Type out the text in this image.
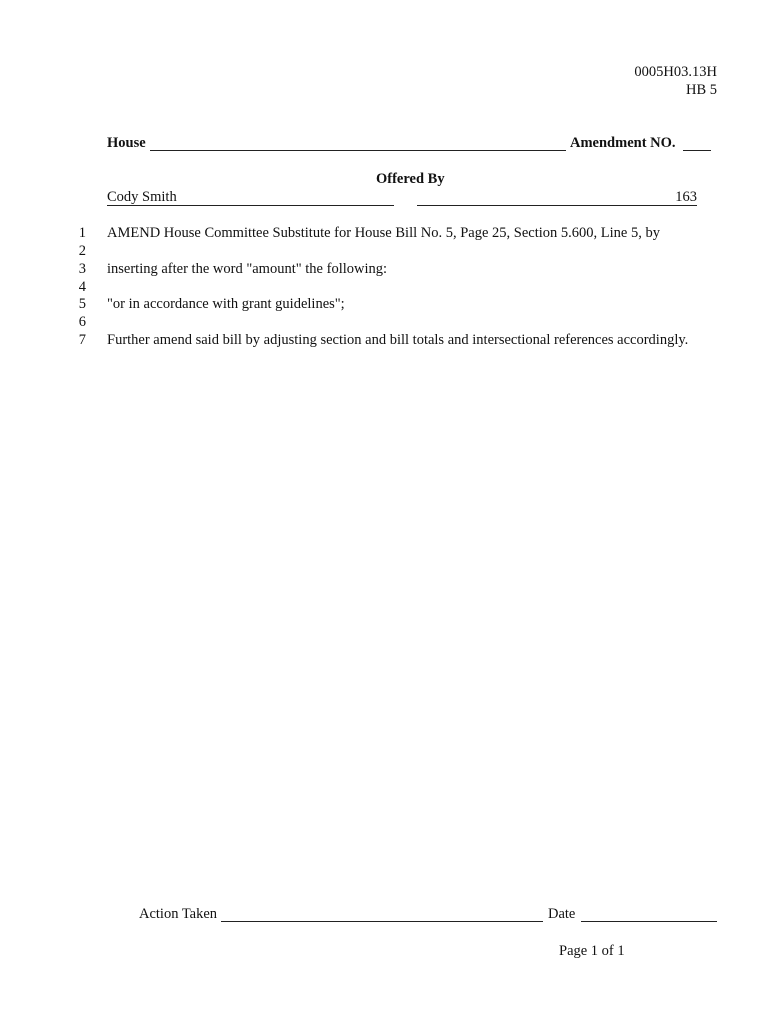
0005H03.13H
HB 5
House	Amendment NO.
Offered By
Cody Smith	163
1
2
3
4
5
6
7
AMEND House Committee Substitute for House Bill No. 5, Page 25, Section 5.600, Line 5, by
inserting after the word "amount" the following:
"or in accordance with grant guidelines";
Further amend said bill by adjusting section and bill totals and intersectional references accordingly.
Action Taken	Date
Page 1 of 1
